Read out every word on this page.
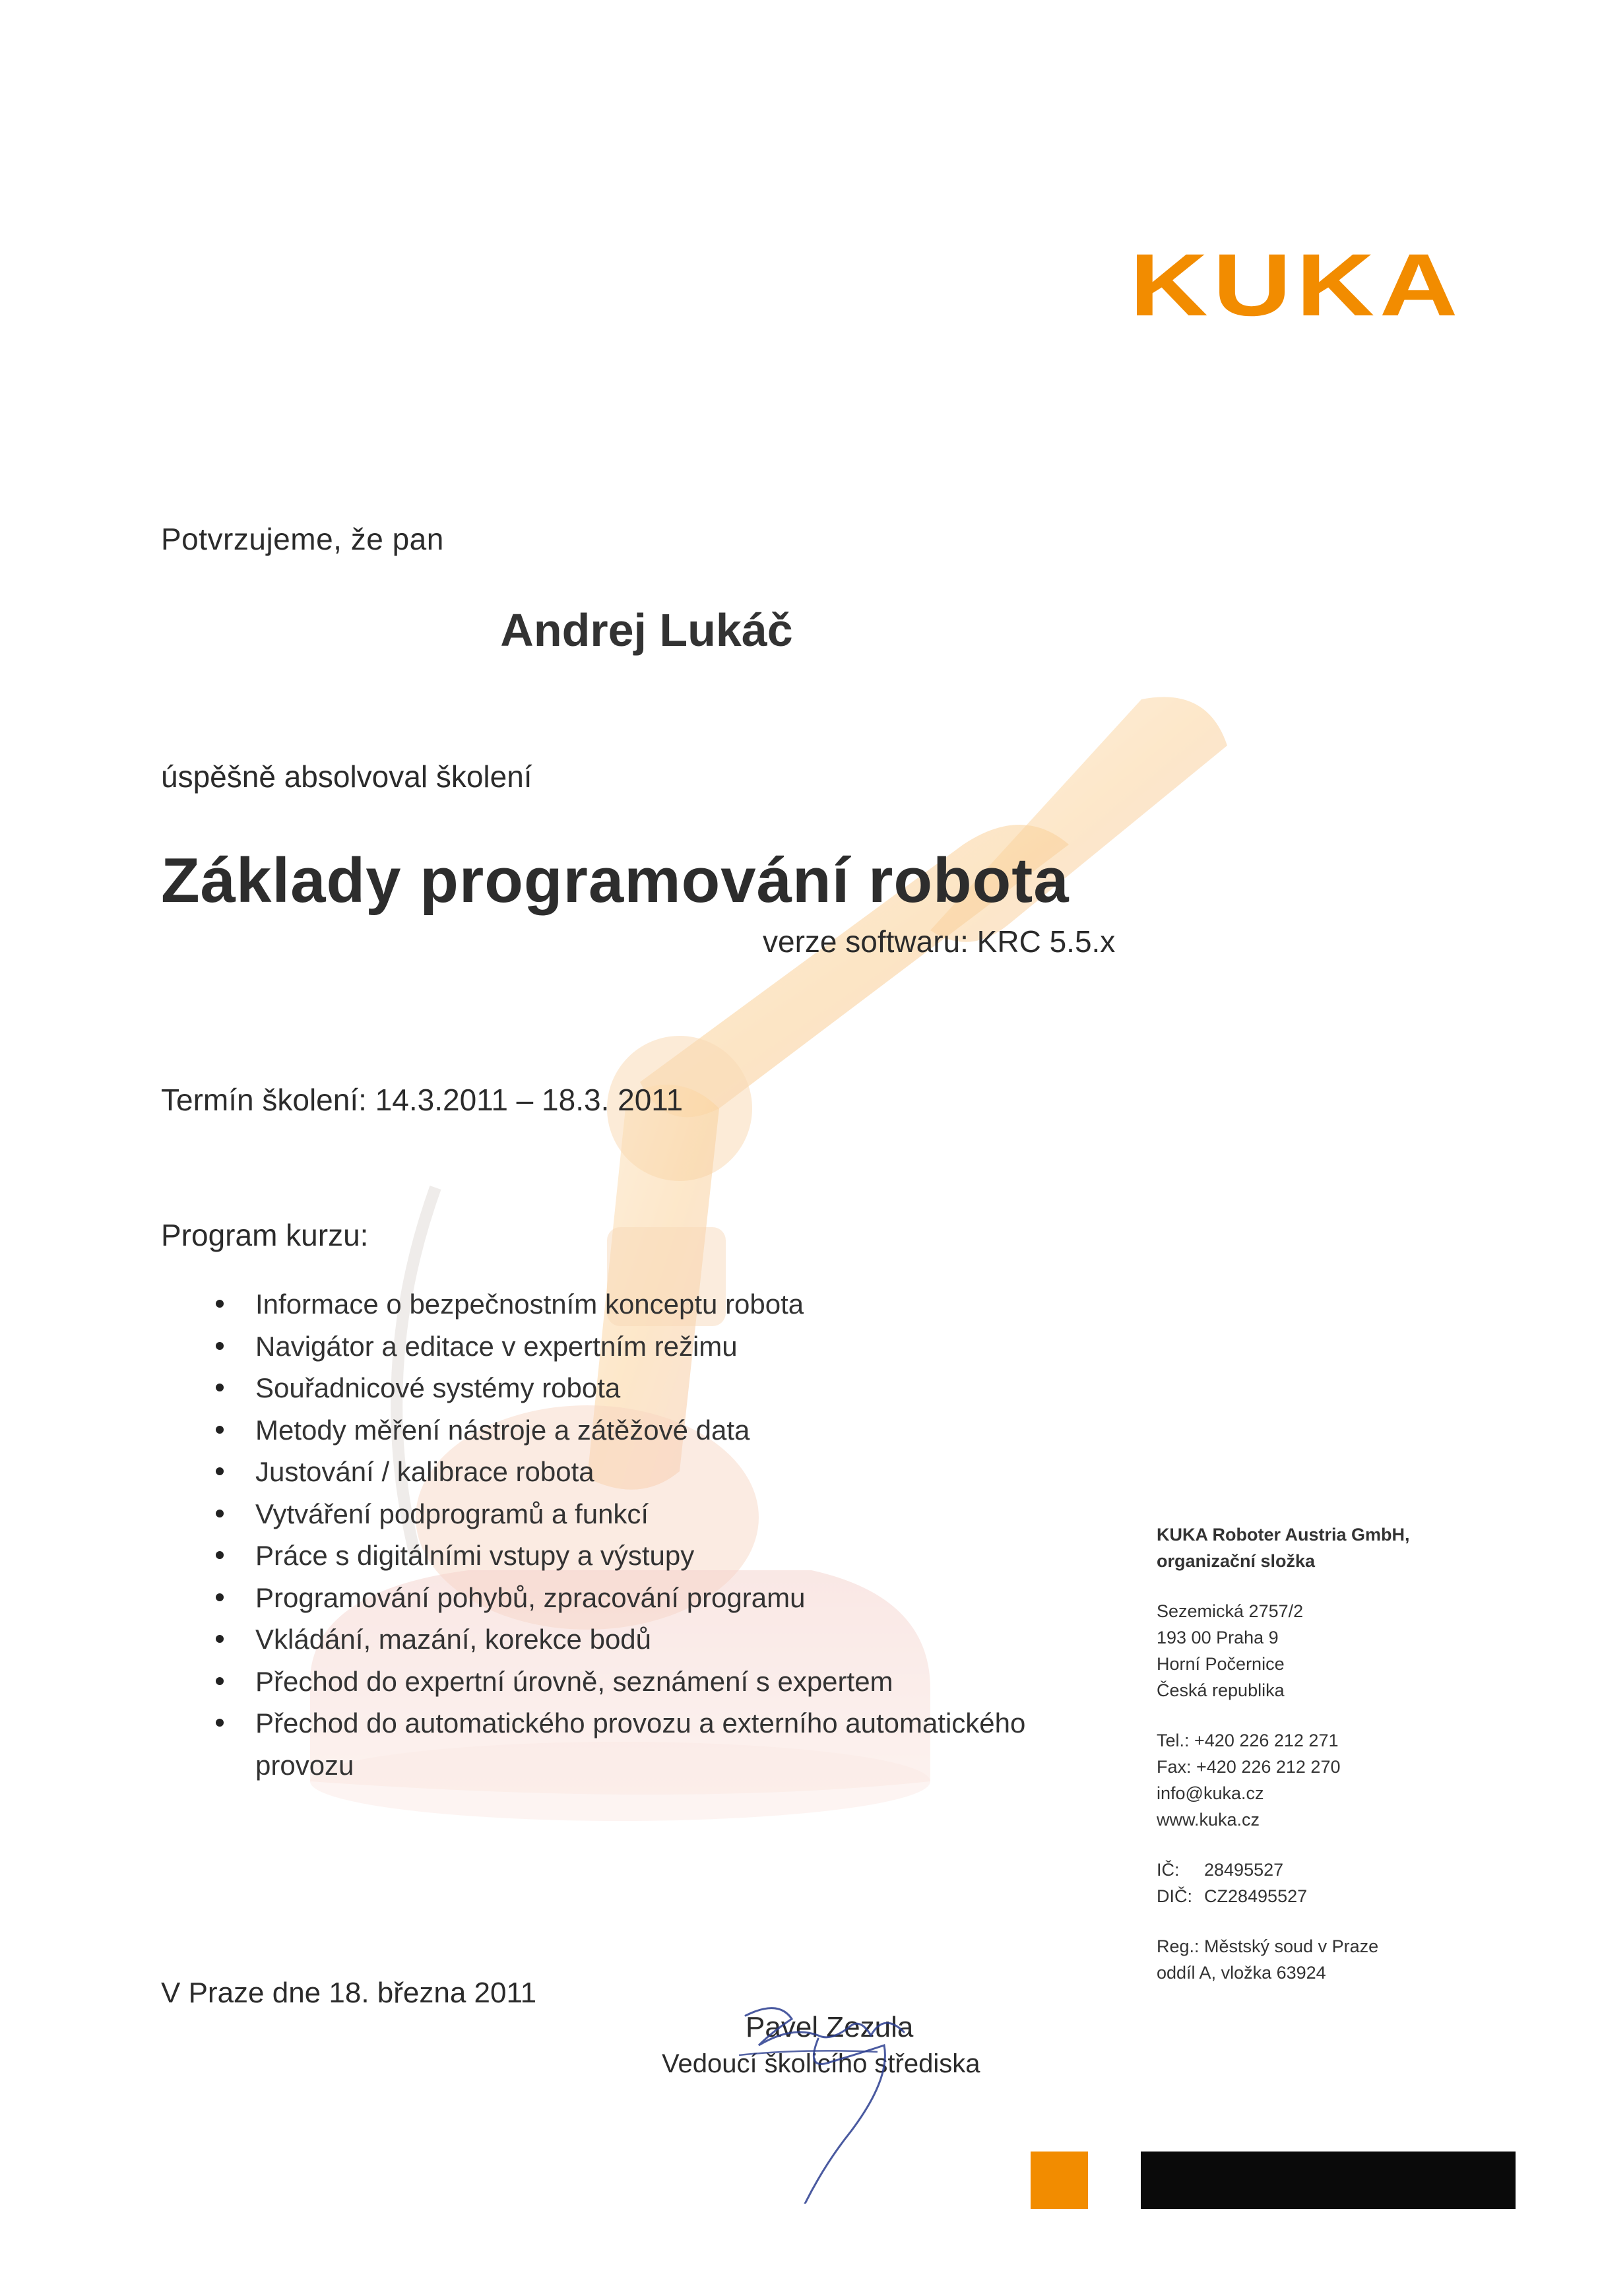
KUKA
Potvrzujeme, že pan
Andrej Lukáč
úspěšně absolvoval školení
Základy programování robota
verze softwaru: KRC 5.5.x
Termín školení: 14.3.2011 – 18.3. 2011
Program kurzu:
Informace o bezpečnostním konceptu robota
Navigátor a editace v expertním režimu
Souřadnicové systémy robota
Metody měření nástroje a zátěžové data
Justování / kalibrace robota
Vytváření podprogramů a funkcí
Práce s digitálními vstupy a výstupy
Programování pohybů, zpracování programu
Vkládání, mazání, korekce bodů
Přechod do expertní úrovně, seznámení s expertem
Přechod do automatického provozu a externího automatického provozu
KUKA Roboter Austria GmbH,
organizační složka
Sezemická 2757/2
193 00 Praha 9
Horní Počernice
Česká republika
Tel.: +420 226 212 271
Fax: +420 226 212 270
info@kuka.cz
www.kuka.cz
IČ:	28495527
DIČ: CZ28495527
Reg.: Městský soud v Praze
oddíl A, vložka 63924
V Praze dne 18. března 2011
Pavel Zezula
Vedoucí školicího střediska
